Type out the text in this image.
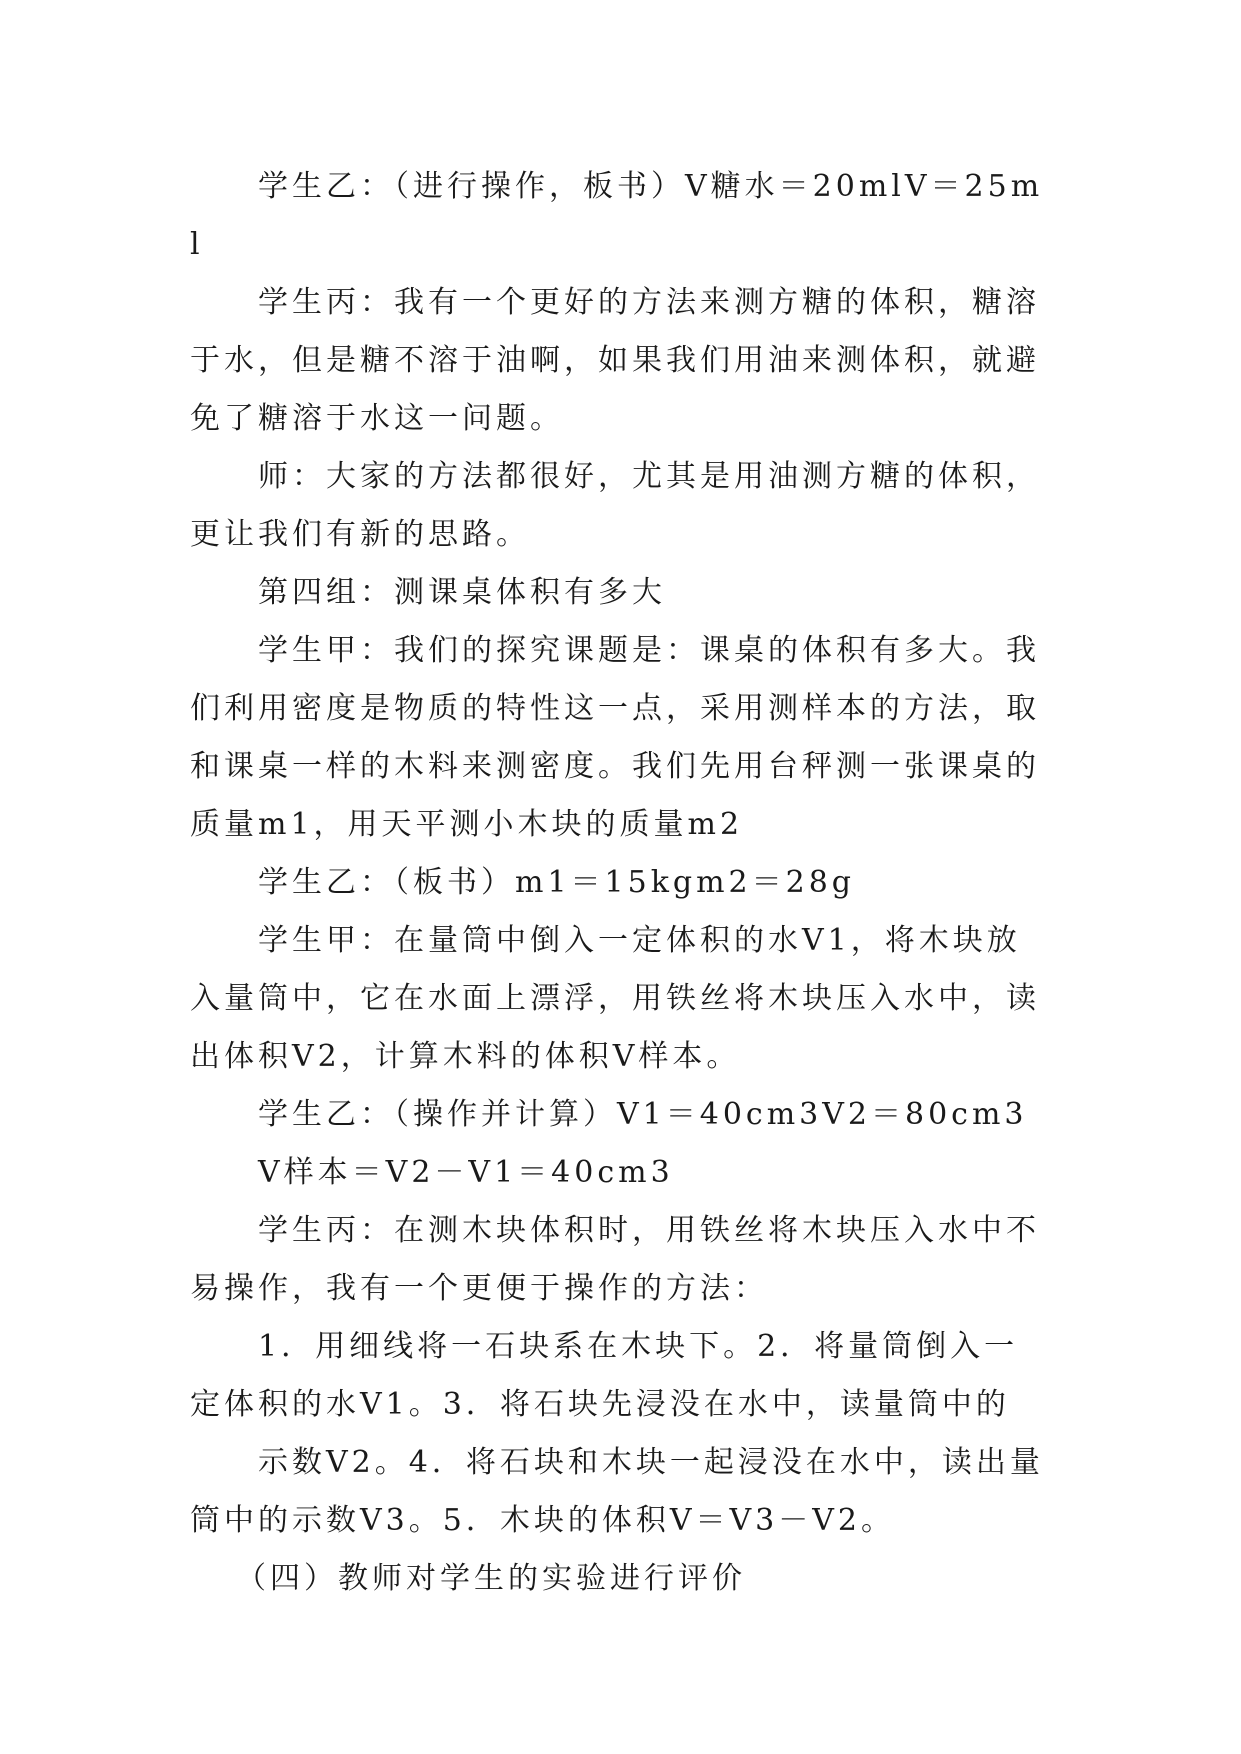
学生乙：（进行操作，板书）V糖水＝20mlV＝25ml

学生丙：我有一个更好的方法来测方糖的体积，糖溶于水，但是糖不溶于油啊，如果我们用油来测体积，就避免了糖溶于水这一问题。

师：大家的方法都很好，尤其是用油测方糖的体积，更让我们有新的思路。

第四组：测课桌体积有多大

学生甲：我们的探究课题是：课桌的体积有多大。我们利用密度是物质的特性这一点，采用测样本的方法，取和课桌一样的木料来测密度。我们先用台秤测一张课桌的质量m1，用天平测小木块的质量m2

学生乙：（板书）m1＝15kgm2＝28g

学生甲：在量筒中倒入一定体积的水V1，将木块放入量筒中，它在水面上漂浮，用铁丝将木块压入水中，读出体积V2，计算木料的体积V样本。

学生乙：（操作并计算）V1＝40cm3V2＝80cm3

V样本＝V2－V1＝40cm3

学生丙：在测木块体积时，用铁丝将木块压入水中不易操作，我有一个更便于操作的方法：

1．用细线将一石块系在木块下。2．将量筒倒入一定体积的水V1。3．将石块先浸没在水中，读量筒中的

示数V2。4．将石块和木块一起浸没在水中，读出量筒中的示数V3。5．木块的体积V＝V3－V2。

（四）教师对学生的实验进行评价
